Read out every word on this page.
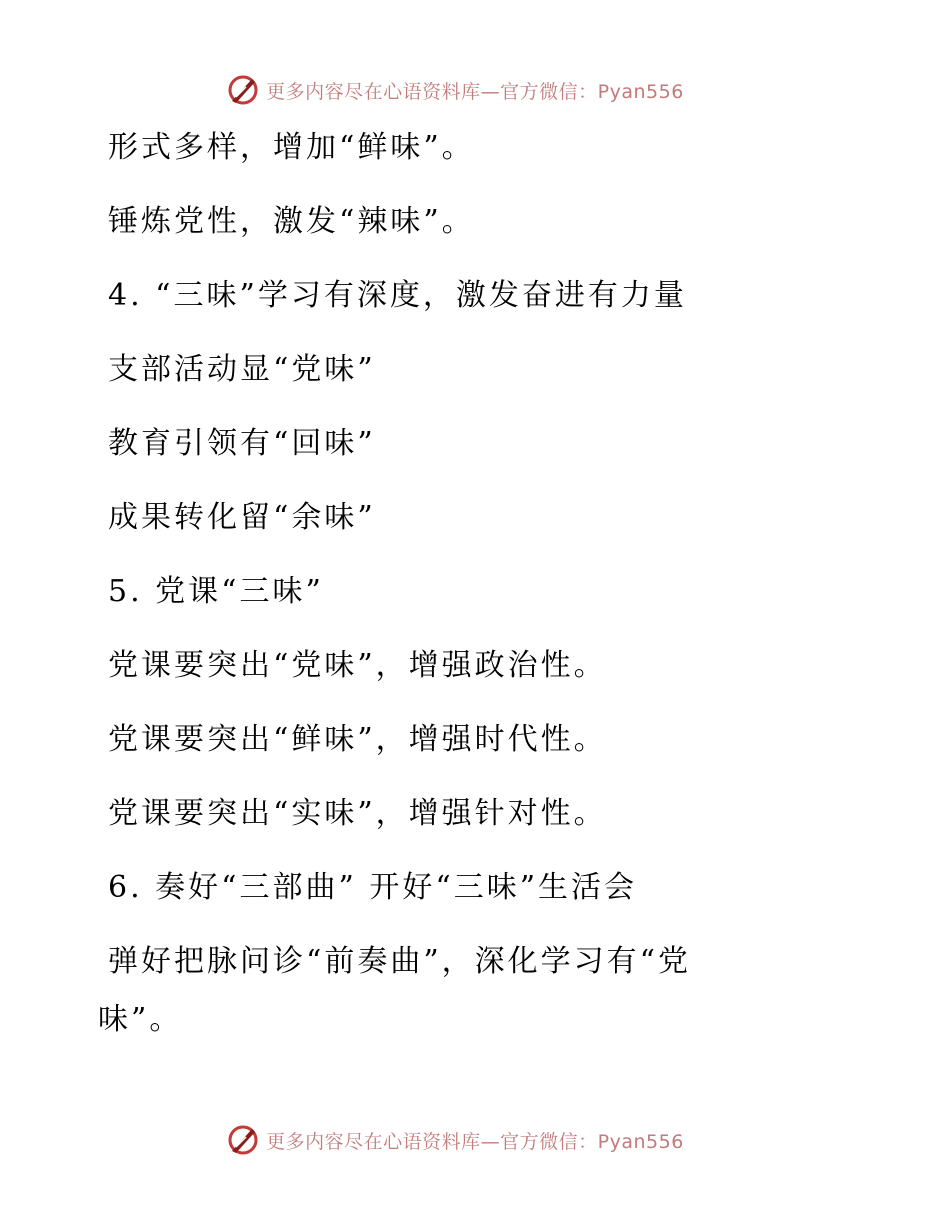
更多内容尽在心语资料库—官方微信：Pyan556
形式多样，增加“鲜味”。
锤炼党性，激发“辣味”。
4. “三味”学习有深度，激发奋进有力量
支部活动显“党味”
教育引领有“回味”
成果转化留“余味”
5. 党课“三味”
党课要突出“党味”，增强政治性。
党课要突出“鲜味”，增强时代性。
党课要突出“实味”，增强针对性。
6. 奏好“三部曲” 开好“三味”生活会
弹好把脉问诊“前奏曲”，深化学习有“党
味”。
更多内容尽在心语资料库—官方微信：Pyan556
